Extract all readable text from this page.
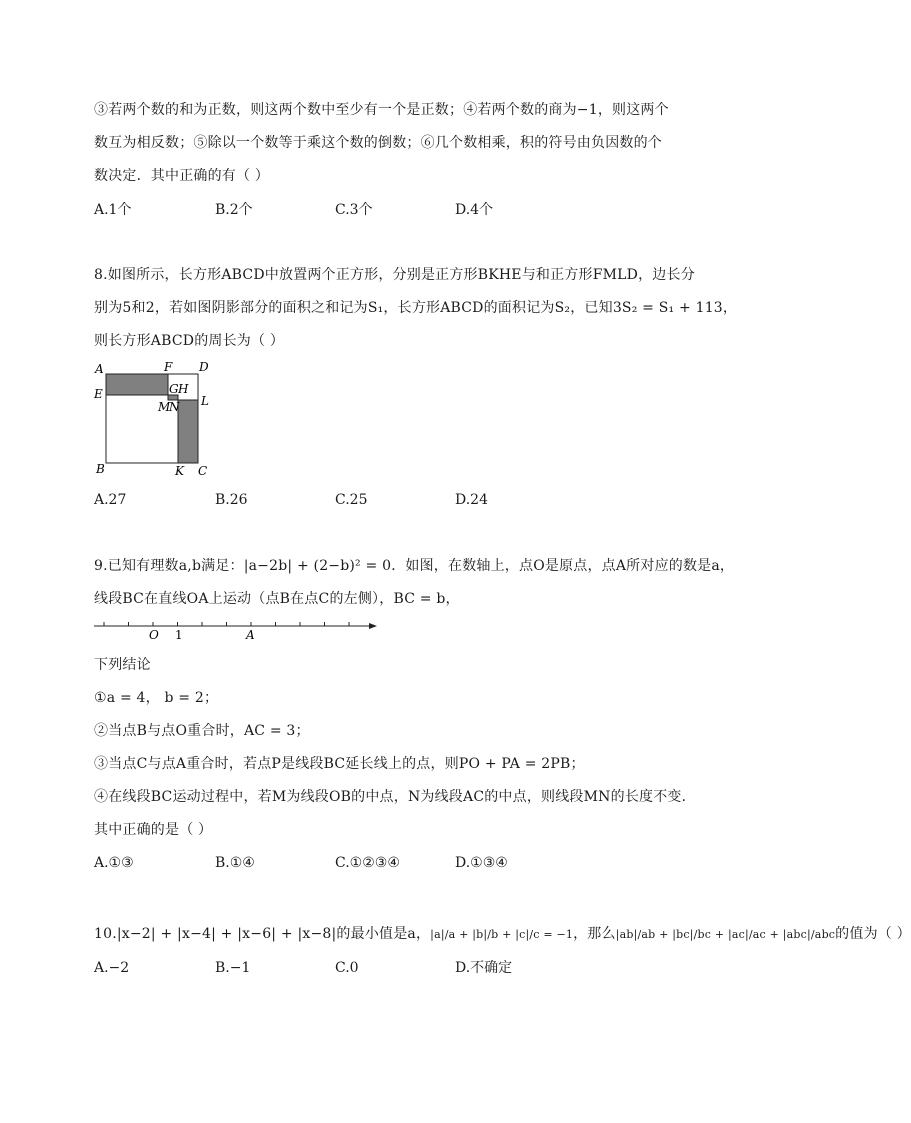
③若两个数的和为正数，则这两个数中至少有一个是正数；④若两个数的商为−1，则这两个
数互为相反数；⑤除以一个数等于乘这个数的倒数；⑥几个数相乘，积的符号由负因数的个
数决定．其中正确的有（ ）
A.1个	B.2个	C.3个	D.4个
8.如图所示，长方形ABCD中放置两个正方形，分别是正方形BKHE与和正方形FMLD，边长分
别为5和2，若如图阴影部分的面积之和记为S₁，长方形ABCD的面积记为S₂，已知3S₂ = S₁ + 113，
则长方形ABCD的周长为（ ）
A	F D
E	G H
M
N L
B	K C
A.27	B.26	C.25	D.24
9.已知有理数a,b满足：|a−2b| + (2−b)² = 0．如图，在数轴上，点O是原点，点A所对应的数是a，
线段BC在直线OA上运动（点B在点C的左侧），BC = b，
O 1	A
下列结论
①a = 4， b = 2；
②当点B与点O重合时，AC = 3；
③当点C与点A重合时，若点P是线段BC延长线上的点，则PO + PA = 2PB；
④在线段BC运动过程中，若M为线段OB的中点，N为线段AC的中点，则线段MN的长度不变．
其中正确的是（ ）
A.①③	B.①④	C.①②③④	D.①③④
10.|x−2| + |x−4| + |x−6| + |x−8|的最小值是a，|a|/a + |b|/b + |c|/c = −1，那么|ab|/ab + |bc|/bc + |ac|/ac + |abc|/abc的值为（ ）
A.−2	B.−1	C.0	D.不确定
